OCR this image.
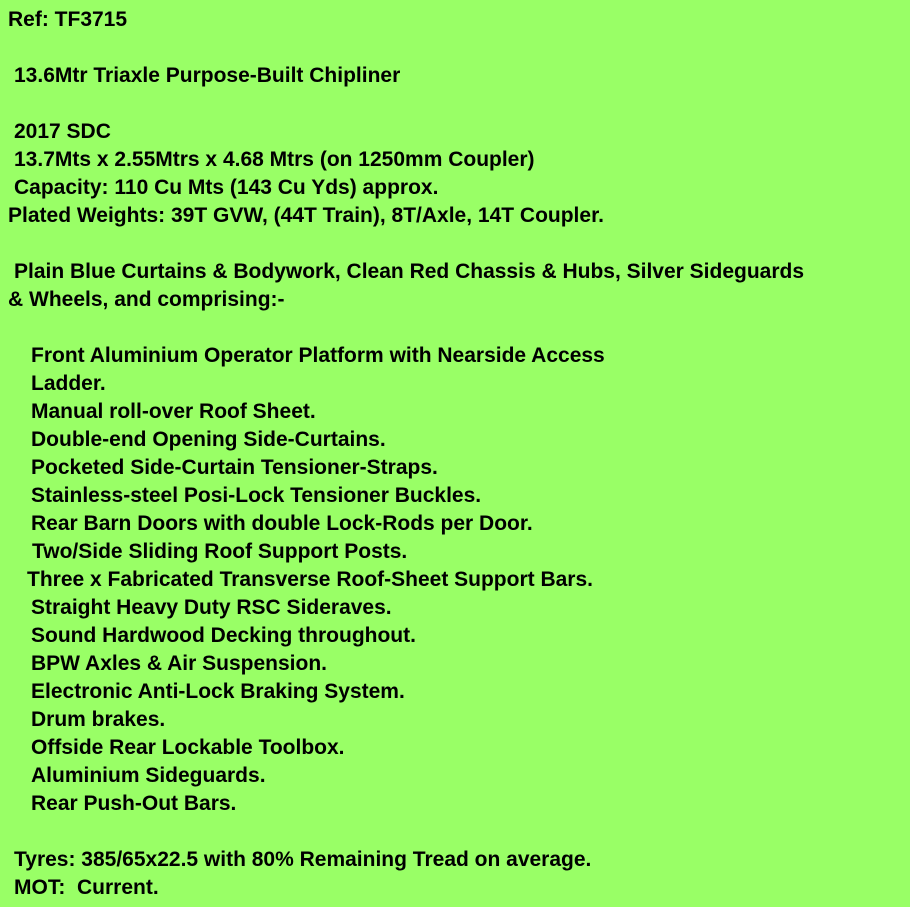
Ref: TF3715
13.6Mtr Triaxle Purpose-Built Chipliner
2017 SDC
13.7Mts x 2.55Mtrs x 4.68 Mtrs (on 1250mm Coupler)
Capacity: 110 Cu Mts (143 Cu Yds) approx.
Plated Weights: 39T GVW, (44T Train), 8T/Axle, 14T Coupler.
Plain Blue Curtains & Bodywork, Clean Red Chassis & Hubs, Silver Sideguards
& Wheels, and comprising:-
Front Aluminium Operator Platform with Nearside Access
Ladder.
Manual roll-over Roof Sheet.
Double-end Opening Side-Curtains.
Pocketed Side-Curtain Tensioner-Straps.
Stainless-steel Posi-Lock Tensioner Buckles.
Rear Barn Doors with double Lock-Rods per Door.
Two/Side Sliding Roof Support Posts.
Three x Fabricated Transverse Roof-Sheet Support Bars.
Straight Heavy Duty RSC Sideraves.
Sound Hardwood Decking throughout.
BPW Axles & Air Suspension.
Electronic Anti-Lock Braking System.
Drum brakes.
Offside Rear Lockable Toolbox.
Aluminium Sideguards.
Rear Push-Out Bars.
Tyres: 385/65x22.5 with 80% Remaining Tread on average.
MOT:  Current.
